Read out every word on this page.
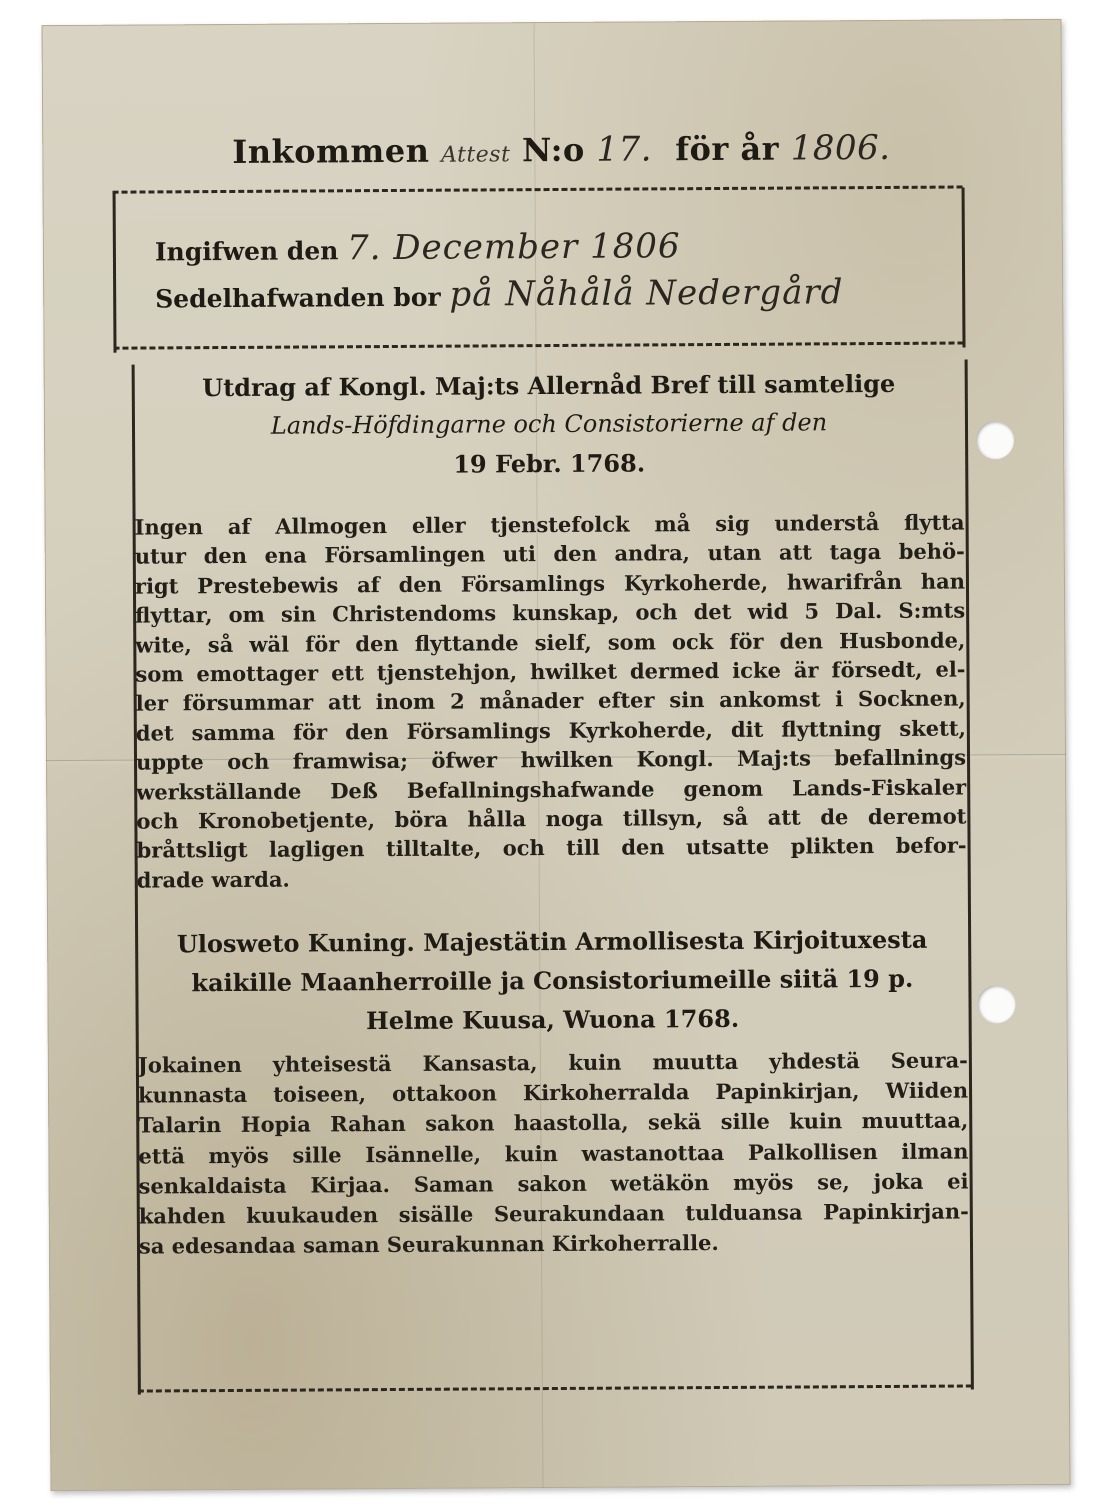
Inkommen Attest N:o 17. för år 1806.
Ingifwen den 7. December 1806
Sedelhafwanden bor på Nåhålå Nedergård
Utdrag af Kongl. Maj:ts Allernåd Bref till samtelige
Lands-Höfdingarne och Consistorierne af den
19 Febr. 1768.
Ingen af Allmogen eller tjenstefolck må sig understå flytta
utur den ena Församlingen uti den andra, utan att taga behö-
rigt Prestebewis af den Församlings Kyrkoherde, hwarifrån han
flyttar, om sin Christendoms kunskap, och det wid 5 Dal. S:mts
wite, så wäl för den flyttande sielf, som ock för den Husbonde,
som emottager ett tjenstehjon, hwilket dermed icke är försedt, el-
ler försummar att inom 2 månader efter sin ankomst i Socknen,
det samma för den Församlings Kyrkoherde, dit flyttning skett,
uppte och framwisa; öfwer hwilken Kongl. Maj:ts befallnings
werkställande Deß Befallningshafwande genom Lands-Fiskaler
och Kronobetjente, böra hålla noga tillsyn, så att de deremot
bråttsligt lagligen tilltalte, och till den utsatte plikten befor-
drade warda.
Ulosweto Kuning. Majestätin Armollisesta Kirjoituxesta
kaikille Maanherroille ja Consistoriumeille siitä 19 p.
Helme Kuusa, Wuona 1768.
Jokainen yhteisestä Kansasta, kuin muutta yhdestä Seura-
kunnasta toiseen, ottakoon Kirkoherralda Papinkirjan, Wiiden
Talarin Hopia Rahan sakon haastolla, sekä sille kuin muuttaa,
että myös sille Isännelle, kuin wastanottaa Palkollisen ilman
senkaldaista Kirjaa. Saman sakon wetäkön myös se, joka ei
kahden kuukauden sisälle Seurakundaan tulduansa Papinkirjan-
sa edesandaa saman Seurakunnan Kirkoherralle.
